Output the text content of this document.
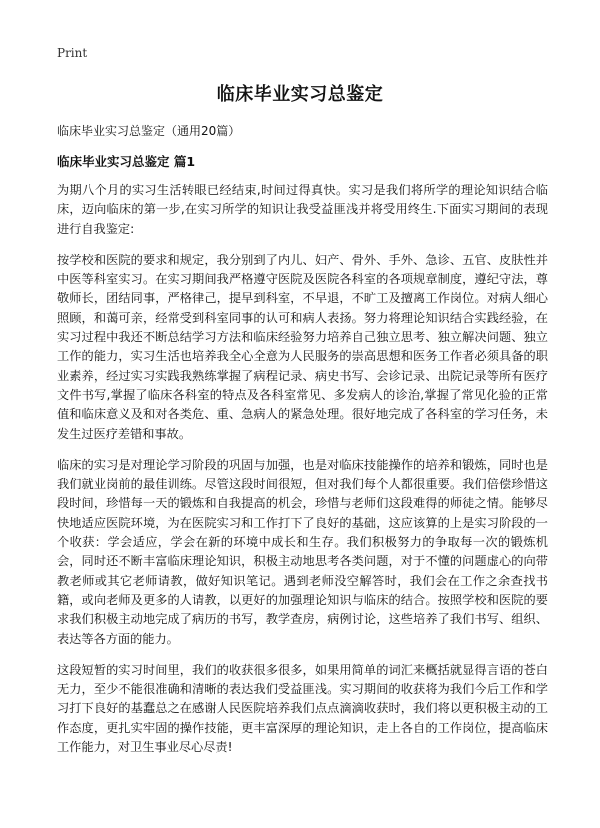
Print
临床毕业实习总鉴定

临床毕业实习总鉴定（通用20篇）

临床毕业实习总鉴定 篇1

为期八个月的实习生活转眼已经结束,时间过得真快。实习是我们将所学的理论知识结合临床，迈向临床的第一步,在实习所学的知识让我受益匪浅并将受用终生.下面实习期间的表现进行自我鉴定:

按学校和医院的要求和规定，我分别到了内儿、妇产、骨外、手外、急诊、五官、皮肤性并中医等科室实习。在实习期间我严格遵守医院及医院各科室的各项规章制度，遵纪守法，尊敬师长，团结同事，严格律己，提早到科室，不早退，不旷工及擅离工作岗位。对病人细心照顾，和蔼可亲，经常受到科室同事的认可和病人表扬。努力将理论知识结合实践经验，在实习过程中我还不断总结学习方法和临床经验努力培养自己独立思考、独立解决问题、独立工作的能力，实习生活也培养我全心全意为人民服务的崇高思想和医务工作者必须具备的职业素养，经过实习实践我熟练掌握了病程记录、病史书写、会诊记录、出院记录等所有医疗文件书写,掌握了临床各科室的特点及各科室常见、多发病人的诊治,掌握了常见化验的正常值和临床意义及和对各类危、重、急病人的紧急处理。很好地完成了各科室的学习任务，未发生过医疗差错和事故。

临床的实习是对理论学习阶段的巩固与加强，也是对临床技能操作的培养和锻炼，同时也是我们就业岗前的最佳训练。尽管这段时间很短，但对我们每个人都很重要。我们倍偿珍惜这段时间，珍惜每一天的锻炼和自我提高的机会，珍惜与老师们这段难得的师徒之情。能够尽快地适应医院环境，为在医院实习和工作打下了良好的基础，这应该算的上是实习阶段的一个收获：学会适应，学会在新的环境中成长和生存。我们积极努力的争取每一次的锻炼机会，同时还不断丰富临床理论知识，积极主动地思考各类问题，对于不懂的问题虚心的向带教老师或其它老师请教，做好知识笔记。遇到老师没空解答时，我们会在工作之余查找书籍，或向老师及更多的人请教，以更好的加强理论知识与临床的结合。按照学校和医院的要求我们积极主动地完成了病历的书写，教学查房，病例讨论，这些培养了我们书写、组织、表达等各方面的能力。

这段短暂的实习时间里，我们的收获很多很多，如果用简单的词汇来概括就显得言语的苍白无力，至少不能很准确和清晰的表达我们受益匪浅。实习期间的收获将为我们今后工作和学习打下良好的基蠢总之在感谢人民医院培养我们点点滴滴收获时，我们将以更积极主动的工作态度，更扎实牢固的操作技能，更丰富深厚的理论知识，走上各自的工作岗位，提高临床工作能力，对卫生事业尽心尽责!
